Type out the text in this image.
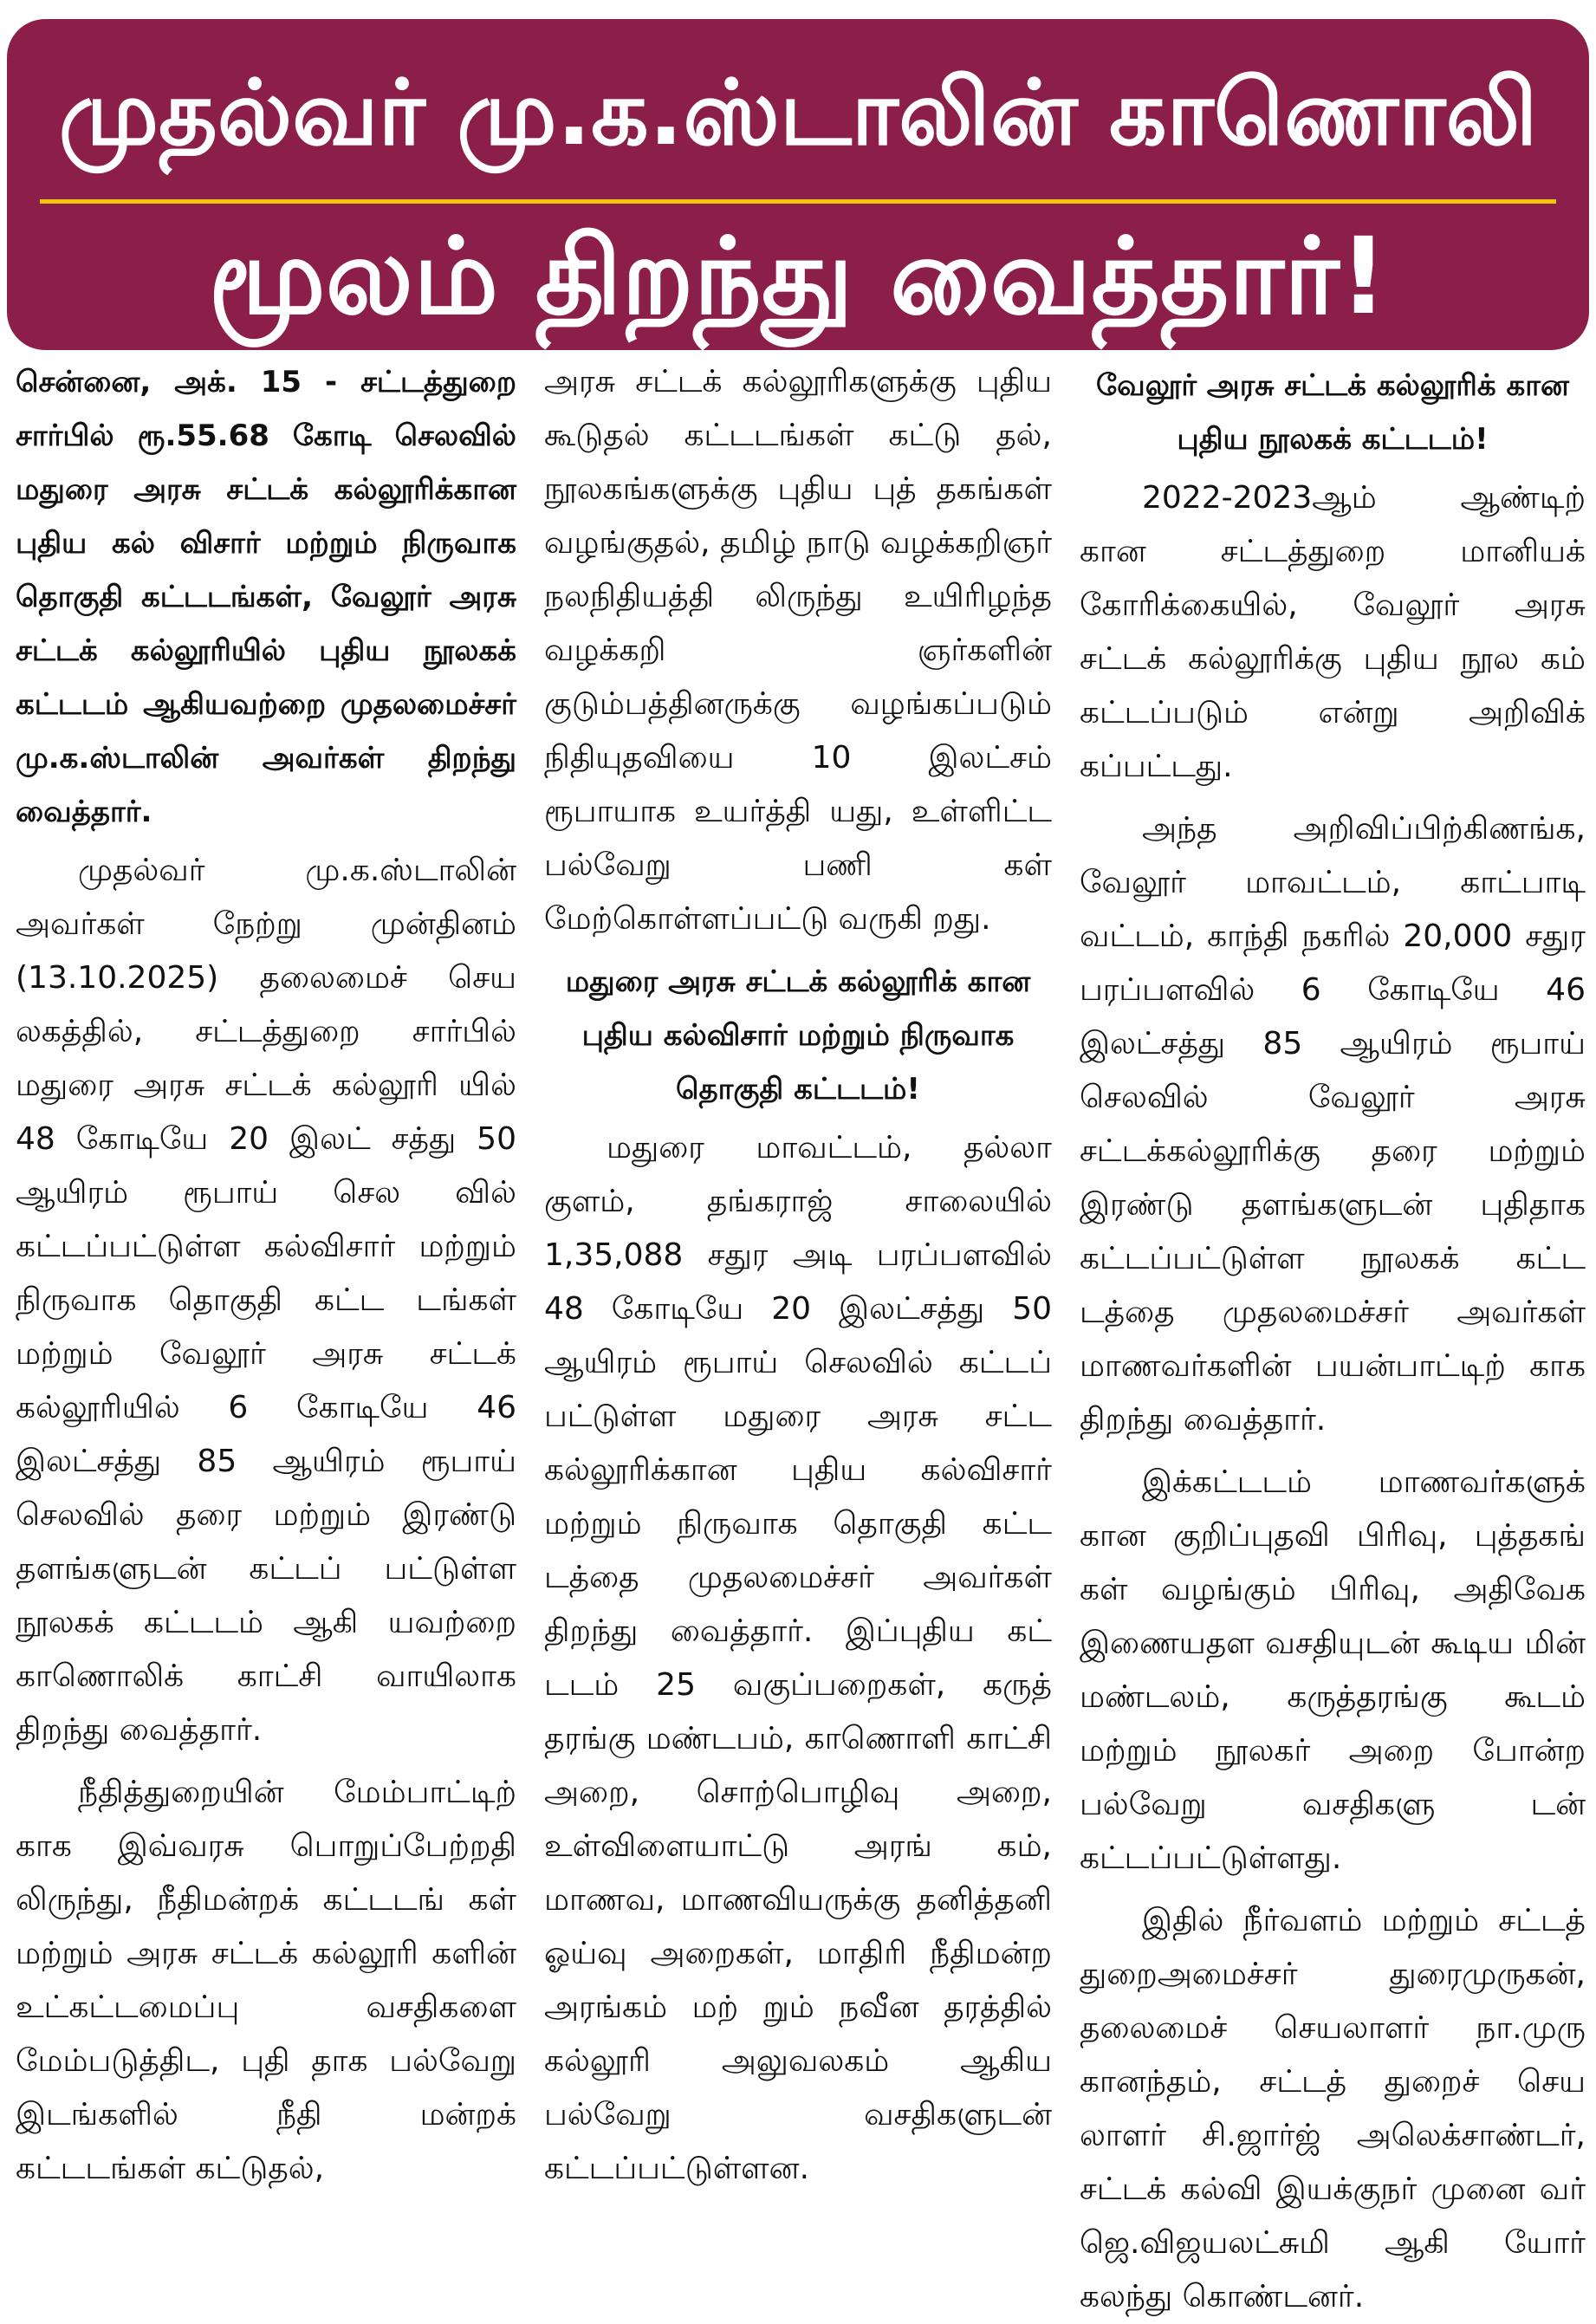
முதல்வர் மு.க.ஸ்டாலின் காணொலி
மூலம் திறந்து வைத்தார்!

சென்னை, அக். 15 - சட்டத்துறை சார்பில் ரூ.55.68 கோடி செலவில் மதுரை அரசு சட்டக் கல்லூரிக்கான புதிய கல் விசார் மற்றும் நிருவாக தொகுதி கட்டடங்கள், வேலூர் அரசு சட்டக் கல்லூரியில் புதிய நூலகக் கட்டடம் ஆகியவற்றை முதலமைச்சர் மு.க.ஸ்டாலின் அவர்கள் திறந்து வைத்தார்.

முதல்வர் மு.க.ஸ்டாலின் அவர்கள் நேற்று முன்தினம் (13.10.2025) தலைமைச் செய லகத்தில், சட்டத்துறை சார்பில் மதுரை அரசு சட்டக் கல்லூரி யில் 48 கோடியே 20 இலட் சத்து 50 ஆயிரம் ரூபாய் செல வில் கட்டப்பட்டுள்ள கல்விசார் மற்றும் நிருவாக தொகுதி கட்ட டங்கள் மற்றும் வேலூர் அரசு சட்டக் கல்லூரியில் 6 கோடியே 46 இலட்சத்து 85 ஆயிரம் ரூபாய் செலவில் தரை மற்றும் இரண்டு தளங்களுடன் கட்டப் பட்டுள்ள நூலகக் கட்டடம் ஆகி யவற்றை காணொலிக் காட்சி வாயிலாக திறந்து வைத்தார்.

நீதித்துறையின் மேம்பாட்டிற் காக இவ்வரசு பொறுப்பேற்றதி லிருந்து, நீதிமன்றக் கட்டடங் கள் மற்றும் அரசு சட்டக் கல்லூரி களின் உட்கட்டமைப்பு வசதிகளை மேம்படுத்திட, புதி தாக பல்வேறு இடங்களில் நீதி மன்றக் கட்டடங்கள் கட்டுதல்,

அரசு சட்டக் கல்லூரிகளுக்கு புதிய கூடுதல் கட்டடங்கள் கட்டு தல், நூலகங்களுக்கு புதிய புத் தகங்கள் வழங்குதல், தமிழ் நாடு வழக்கறிஞர் நலநிதியத்தி லிருந்து உயிரிழந்த வழக்கறி ஞர்களின் குடும்பத்தினருக்கு வழங்கப்படும் நிதியுதவியை 10 இலட்சம் ரூபாயாக உயர்த்தி யது, உள்ளிட்ட பல்வேறு பணி கள் மேற்கொள்ளப்பட்டு வருகி றது.

மதுரை அரசு சட்டக் கல்லூரிக் கான புதிய கல்விசார் மற்றும் நிருவாக தொகுதி கட்டடம்!

மதுரை மாவட்டம், தல்லா குளம், தங்கராஜ் சாலையில் 1,35,088 சதுர அடி பரப்பளவில் 48 கோடியே 20 இலட்சத்து 50 ஆயிரம் ரூபாய் செலவில் கட்டப் பட்டுள்ள மதுரை அரசு சட்ட கல்லூரிக்கான புதிய கல்விசார் மற்றும் நிருவாக தொகுதி கட்ட டத்தை முதலமைச்சர் அவர்கள் திறந்து வைத்தார். இப்புதிய கட் டடம் 25 வகுப்பறைகள், கருத் தரங்கு மண்டபம், காணொளி காட்சி அறை, சொற்பொழிவு அறை, உள்விளையாட்டு அரங் கம், மாணவ, மாணவியருக்கு தனித்தனி ஓய்வு அறைகள், மாதிரி நீதிமன்ற அரங்கம் மற் றும் நவீன தரத்தில் கல்லூரி அலுவலகம் ஆகிய பல்வேறு வசதிகளுடன் கட்டப்பட்டுள்ளன.

வேலூர் அரசு சட்டக் கல்லூரிக் கான புதிய நூலகக் கட்டடம்!

2022-2023ஆம் ஆண்டிற் கான சட்டத்துறை மானியக் கோரிக்கையில், வேலூர் அரசு சட்டக் கல்லூரிக்கு புதிய நூல கம் கட்டப்படும் என்று அறிவிக் கப்பட்டது.

அந்த அறிவிப்பிற்கிணங்க, வேலூர் மாவட்டம், காட்பாடி வட்டம், காந்தி நகரில் 20,000 சதுர பரப்பளவில் 6 கோடியே 46 இலட்சத்து 85 ஆயிரம் ரூபாய் செலவில் வேலூர் அரசு சட்டக்கல்லூரிக்கு தரை மற்றும் இரண்டு தளங்களுடன் புதிதாக கட்டப்பட்டுள்ள நூலகக் கட்ட டத்தை முதலமைச்சர் அவர்கள் மாணவர்களின் பயன்பாட்டிற் காக திறந்து வைத்தார்.

இக்கட்டடம் மாணவர்களுக் கான குறிப்புதவி பிரிவு, புத்தகங் கள் வழங்கும் பிரிவு, அதிவேக இணையதள வசதியுடன் கூடிய மின் மண்டலம், கருத்தரங்கு கூடம் மற்றும் நூலகர் அறை போன்ற பல்வேறு வசதிகளு டன் கட்டப்பட்டுள்ளது.

இதில் நீர்வளம் மற்றும் சட்டத் துறைஅமைச்சர் துரைமுருகன், தலைமைச் செயலாளர் நா.முரு கானந்தம், சட்டத் துறைச் செய லாளர் சி.ஜார்ஜ் அலெக்சாண்டர், சட்டக் கல்வி இயக்குநர் முனை வர் ஜெ.விஜயலட்சுமி ஆகி யோர் கலந்து கொண்டனர்.
